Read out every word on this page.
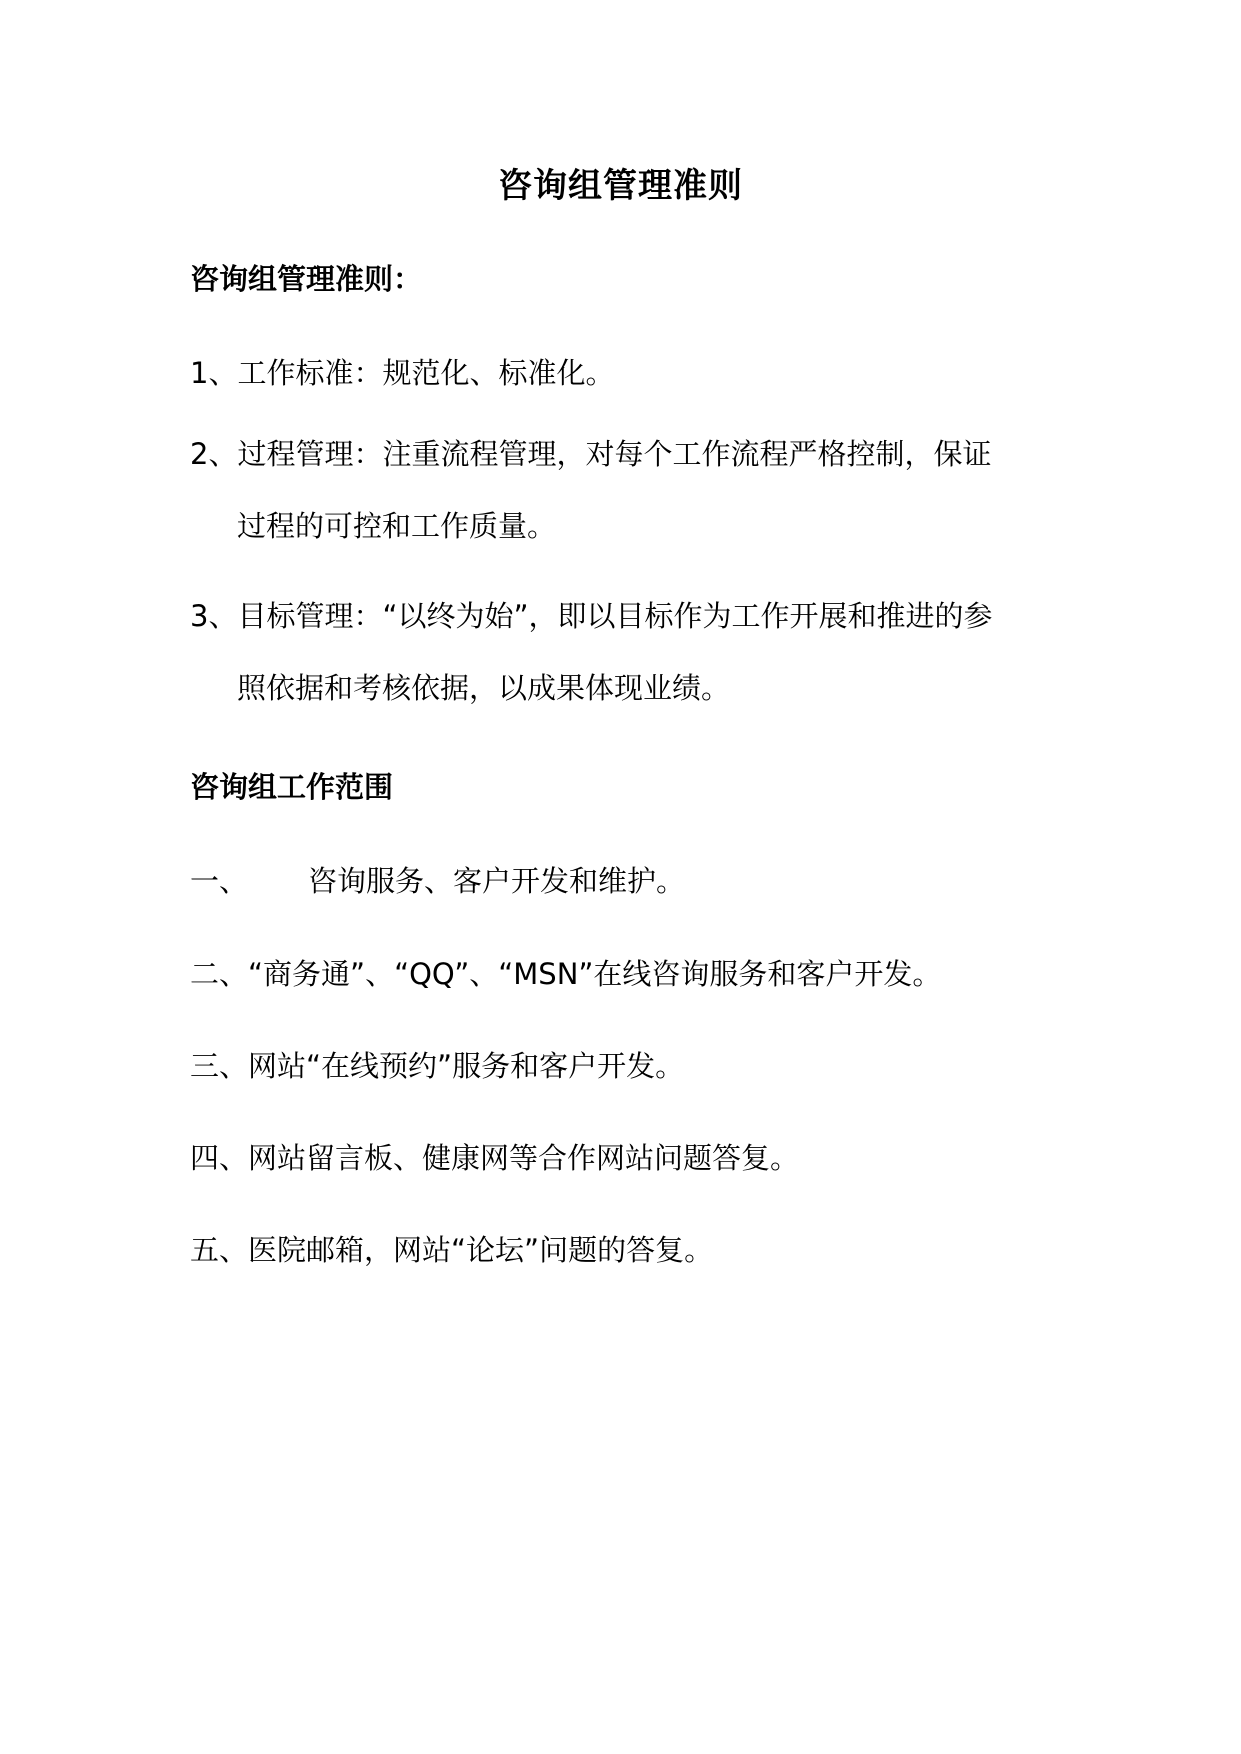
咨询组管理准则
咨询组管理准则：
1、工作标准：规范化、标准化。
2、过程管理：注重流程管理，对每个工作流程严格控制，保证
过程的可控和工作质量。
3、目标管理：“以终为始”，即以目标作为工作开展和推进的参
照依据和考核依据，以成果体现业绩。
咨询组工作范围
一、 咨询服务、客户开发和维护。
二、“商务通”、“QQ”、“MSN”在线咨询服务和客户开发。
三、网站“在线预约”服务和客户开发。
四、网站留言板、健康网等合作网站问题答复。
五、医院邮箱，网站“论坛”问题的答复。
